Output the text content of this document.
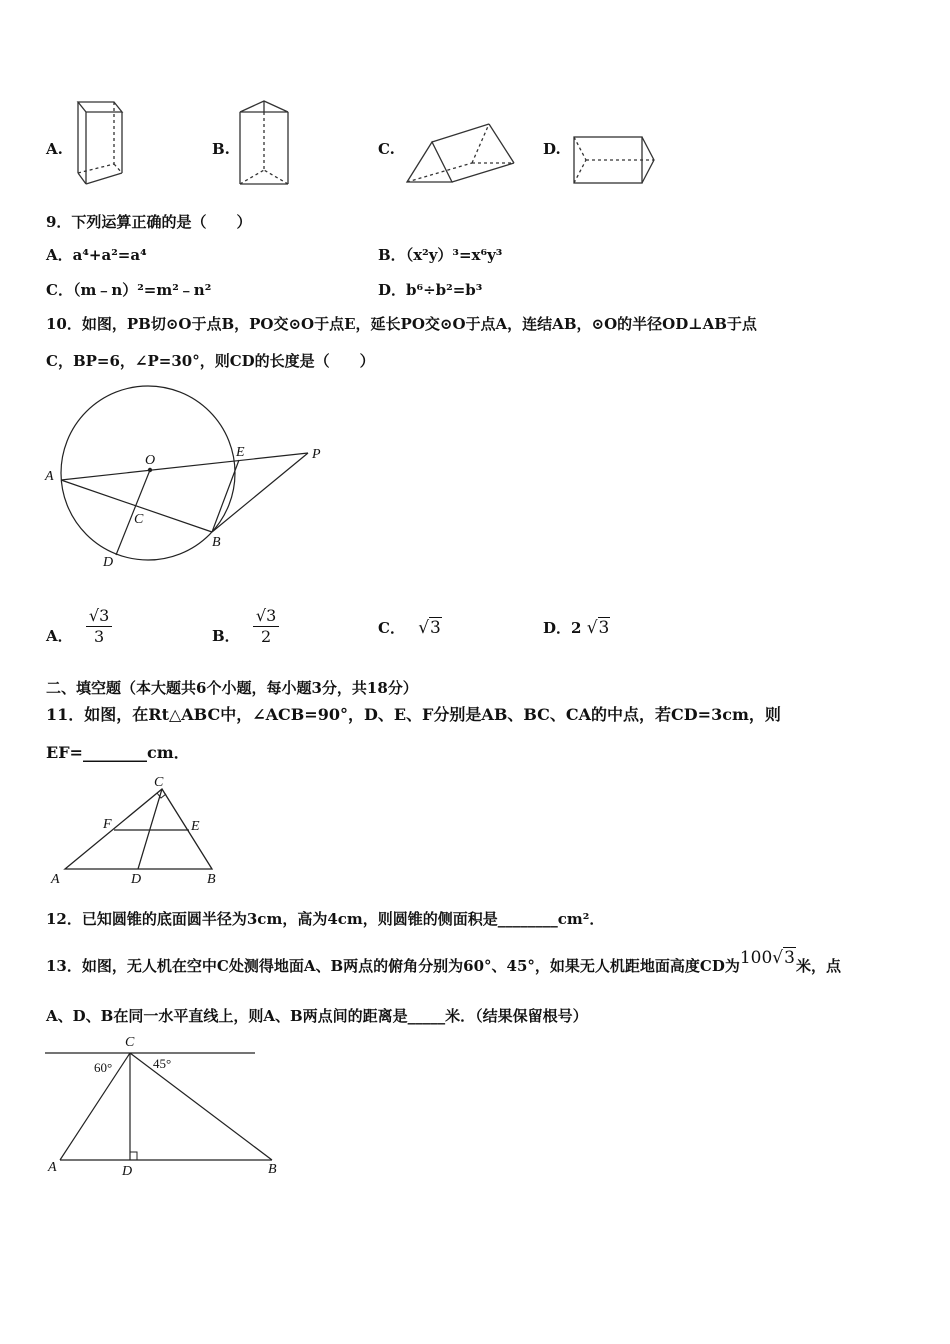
A.	B.	C.	D.
9．下列运算正确的是（　　）
A．a⁴+a²=a⁴	B．（x²y）³=x⁶y³
C．（m﹣n）²=m²﹣n²	D．b⁶÷b²=b³
10．如图，PB切⊙O于点B，PO交⊙O于点E，延长PO交⊙O于点A，连结AB，⊙O的半径OD⊥AB于点
C，BP=6，∠P=30°，则CD的长度是（　　）
A
O
E	P
C
B
D
A． $\frac{√3}{3}$	B． $\frac{√3}{2}$	C． √3	D．2 √3
二、填空题（本大题共6个小题，每小题3分，共18分）
11．如图，在Rt△ABC中，∠ACB=90°，D、E、F分别是AB、BC、CA的中点，若CD=3cm，则
EF=________cm．
C
F	E
A	D	B
12．已知圆锥的底面圆半径为3cm，高为4cm，则圆锥的侧面积是________cm²．
13．如图，无人机在空中C处测得地面A、B两点的俯角分别为60°、45°，如果无人机距地面高度CD为100√3米，点
A、D、B在同一水平直线上，则A、B两点间的距离是_____米．（结果保留根号）
C
60°	45°
A	D	B
